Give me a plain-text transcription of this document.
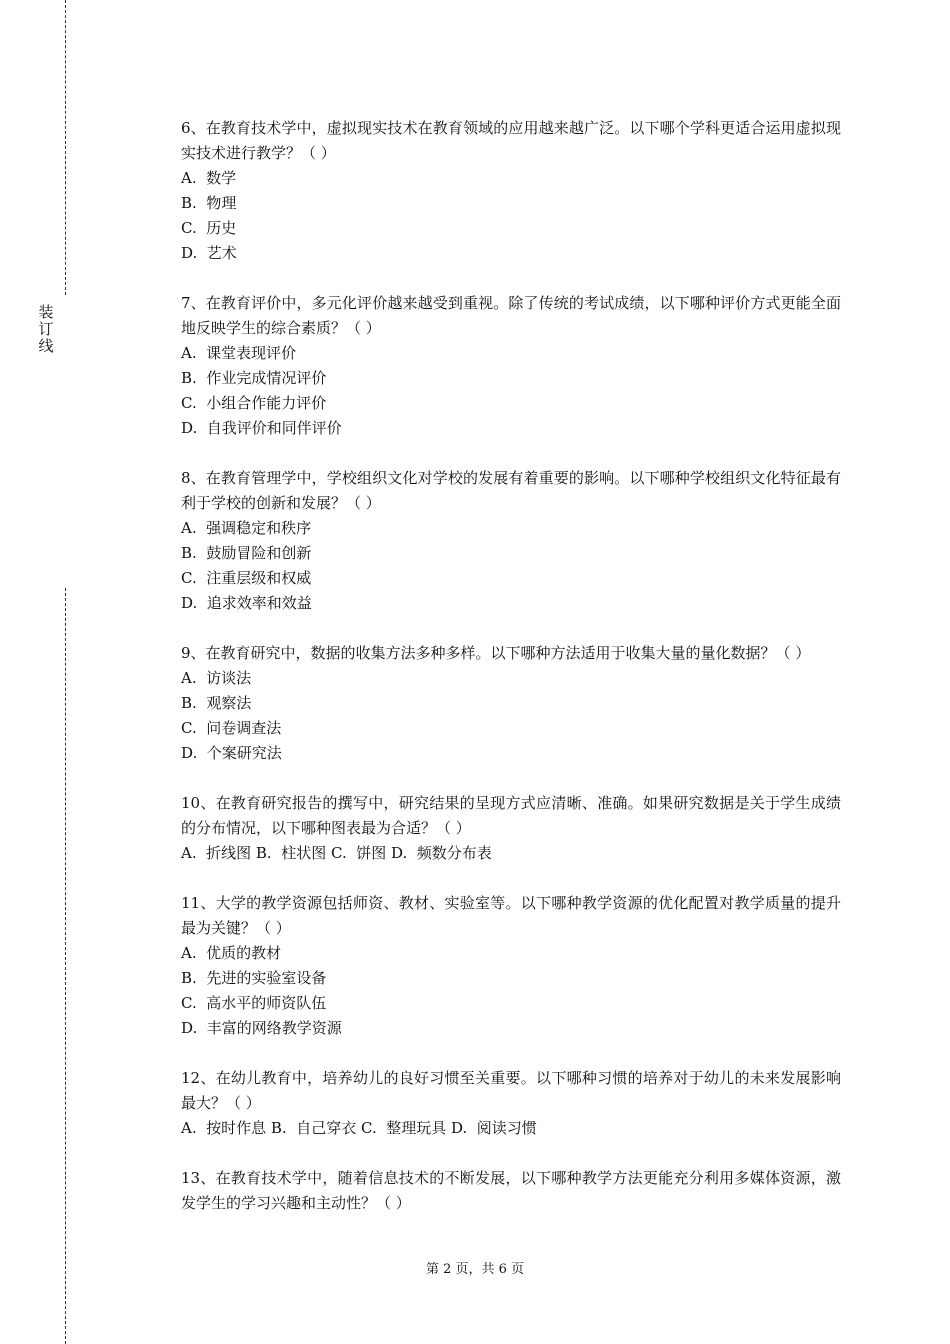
装订线

6、在教育技术学中，虚拟现实技术在教育领域的应用越来越广泛。以下哪个学科更适合运用虚拟现实技术进行教学？（ ）

A.  数学

B.  物理

C.  历史

D.  艺术

7、在教育评价中，多元化评价越来越受到重视。除了传统的考试成绩，以下哪种评价方式更能全面地反映学生的综合素质？（ ）

A.  课堂表现评价

B.  作业完成情况评价

C.  小组合作能力评价

D.  自我评价和同伴评价

8、在教育管理学中，学校组织文化对学校的发展有着重要的影响。以下哪种学校组织文化特征最有利于学校的创新和发展？（ ）

A.  强调稳定和秩序

B.  鼓励冒险和创新

C.  注重层级和权威

D.  追求效率和效益

9、在教育研究中，数据的收集方法多种多样。以下哪种方法适用于收集大量的量化数据？（ ）

A.  访谈法

B.  观察法

C.  问卷调查法

D.  个案研究法

10、在教育研究报告的撰写中，研究结果的呈现方式应清晰、准确。如果研究数据是关于学生成绩的分布情况，以下哪种图表最为合适？（ ）

A.  折线图 B.  柱状图 C.  饼图 D.  频数分布表

11、大学的教学资源包括师资、教材、实验室等。以下哪种教学资源的优化配置对教学质量的提升最为关键？（ ）

A.  优质的教材

B.  先进的实验室设备

C.  高水平的师资队伍

D.  丰富的网络教学资源

12、在幼儿教育中，培养幼儿的良好习惯至关重要。以下哪种习惯的培养对于幼儿的未来发展影响最大？（ ）

A.  按时作息 B.  自己穿衣 C.  整理玩具 D.  阅读习惯

13、在教育技术学中，随着信息技术的不断发展，以下哪种教学方法更能充分利用多媒体资源，激发学生的学习兴趣和主动性？（ ）

第 2 页，共 6 页
